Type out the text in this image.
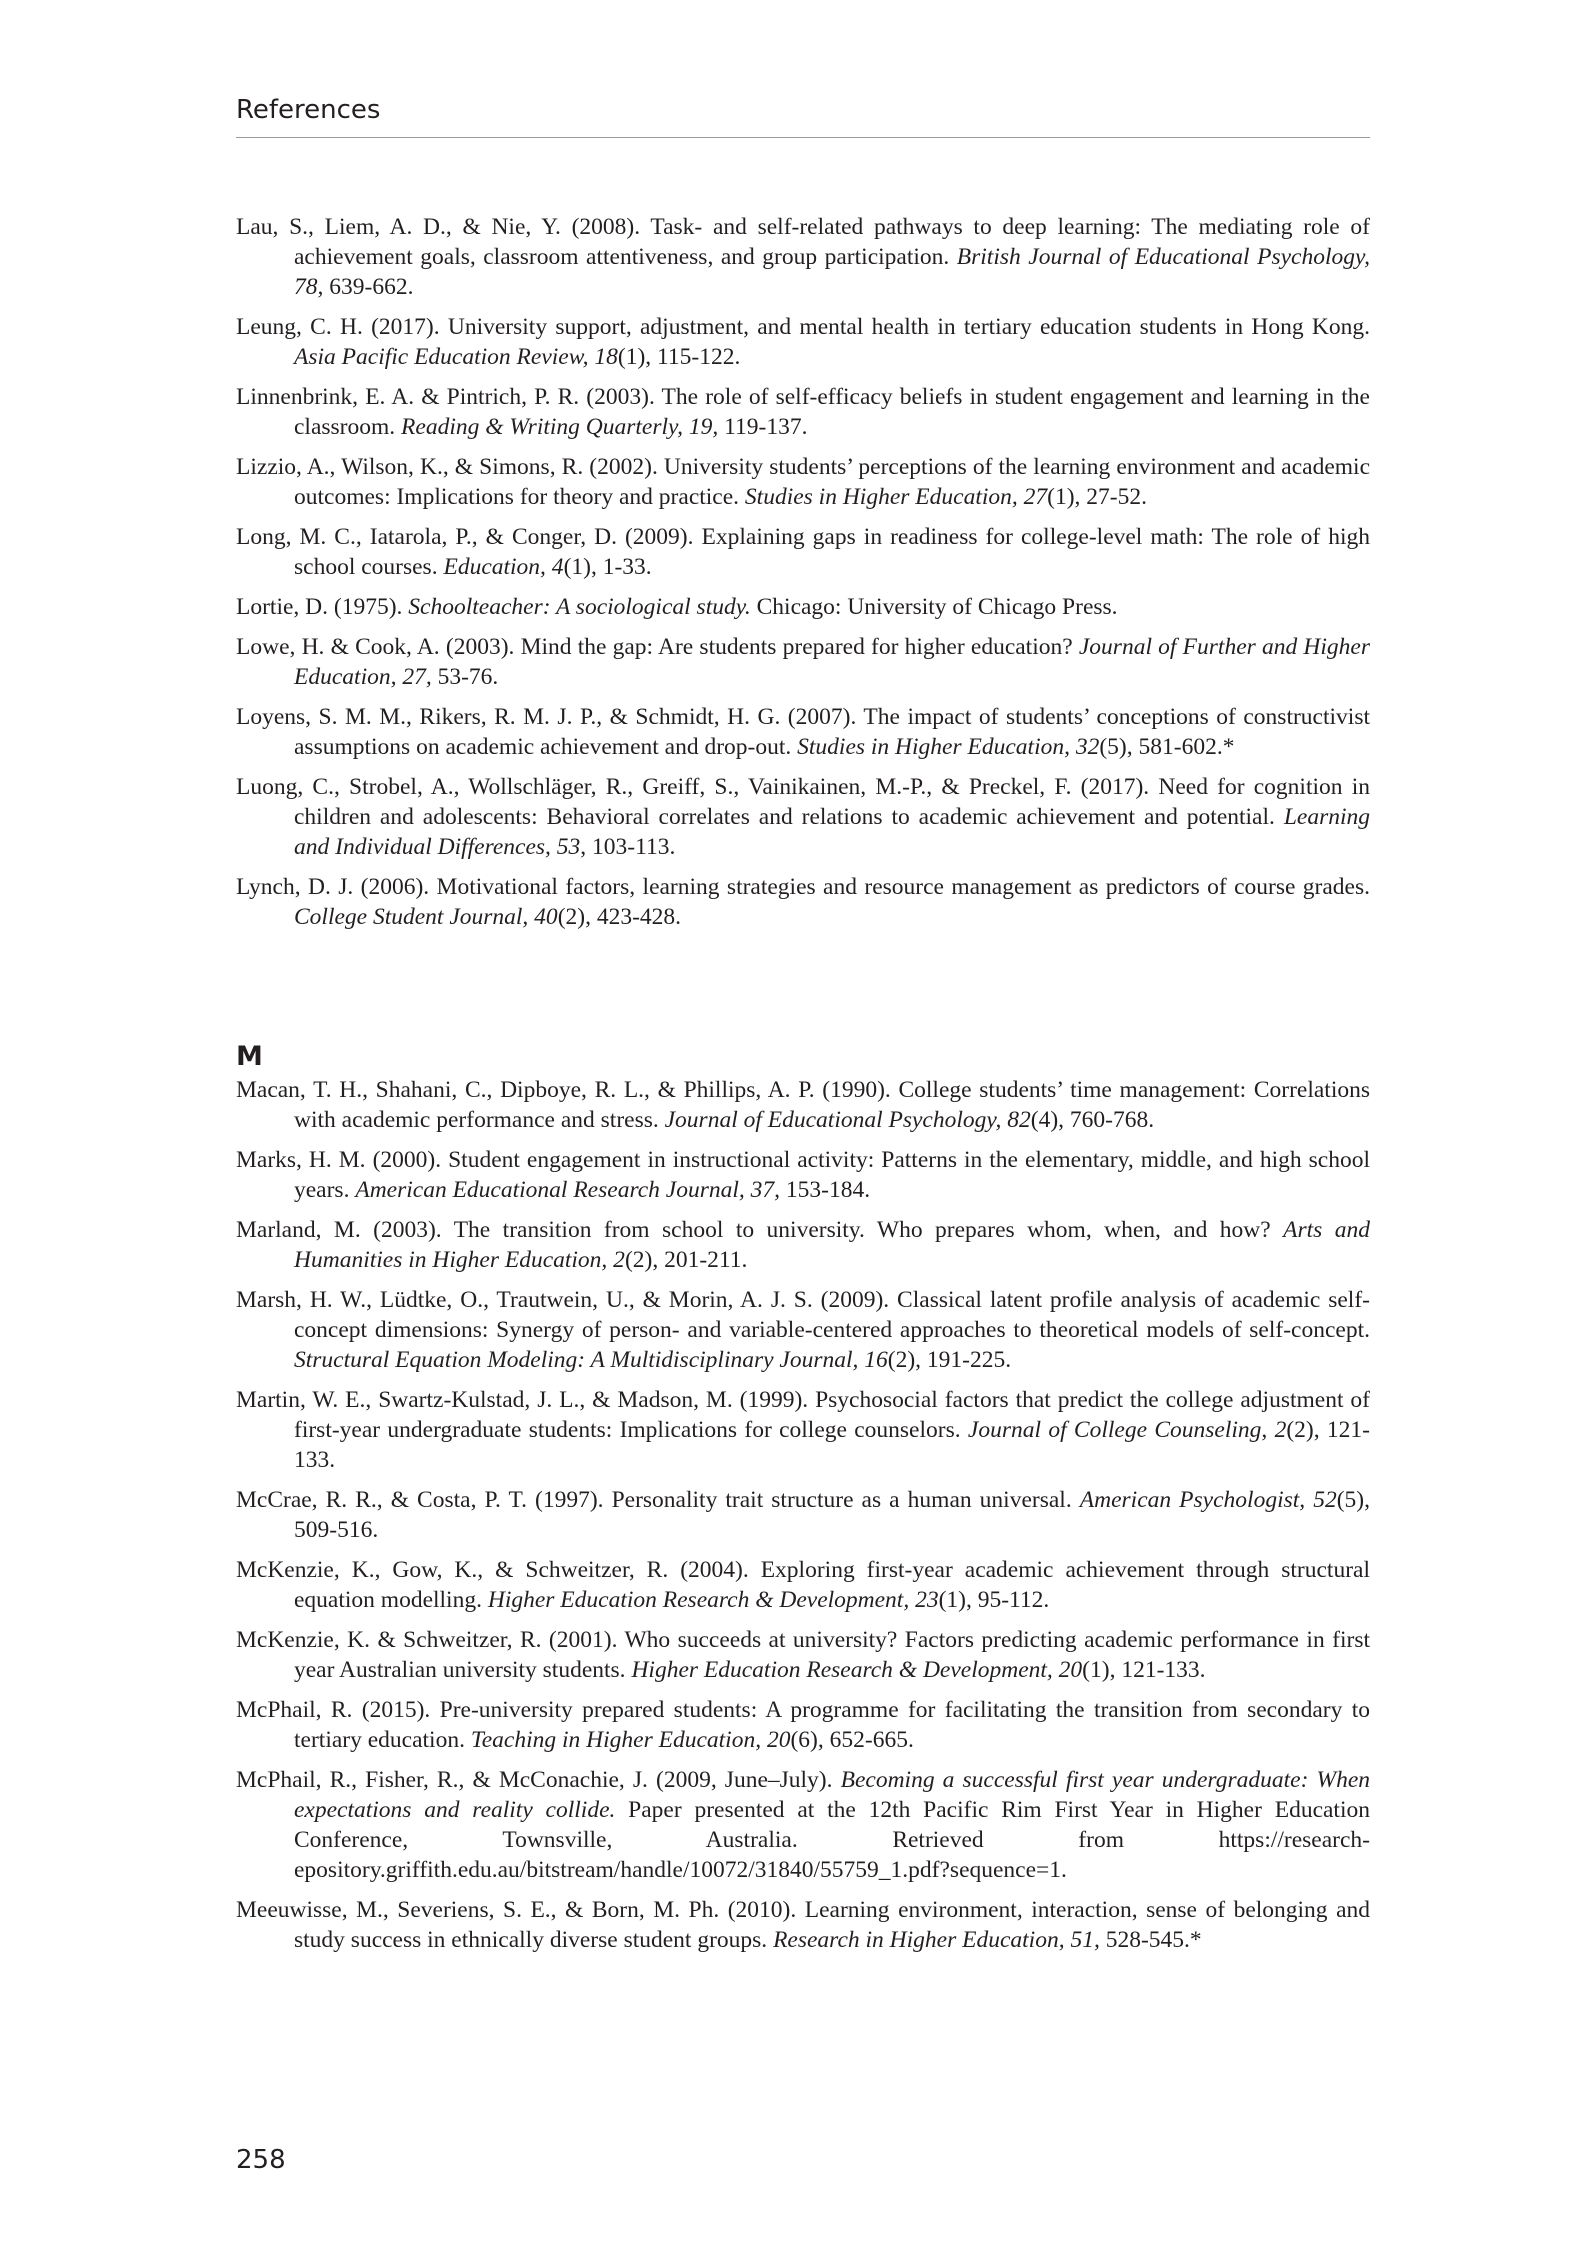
References

Lau, S., Liem, A. D., & Nie, Y. (2008). Task- and self-related pathways to deep learning: The mediating role of achievement goals, classroom attentiveness, and group participation. British Journal of Educational Psychology, 78, 639-662.

Leung, C. H. (2017). University support, adjustment, and mental health in tertiary education students in Hong Kong. Asia Pacific Education Review, 18(1), 115-122.

Linnenbrink, E. A. & Pintrich, P. R. (2003). The role of self-efficacy beliefs in student engagement and learning in the classroom. Reading & Writing Quarterly, 19, 119-137.

Lizzio, A., Wilson, K., & Simons, R. (2002). University students’ perceptions of the learning environment and academic outcomes: Implications for theory and practice. Studies in Higher Education, 27(1), 27-52.

Long, M. C., Iatarola, P., & Conger, D. (2009). Explaining gaps in readiness for college-level math: The role of high school courses. Education, 4(1), 1-33.

Lortie, D. (1975). Schoolteacher: A sociological study. Chicago: University of Chicago Press.

Lowe, H. & Cook, A. (2003). Mind the gap: Are students prepared for higher education? Journal of Further and Higher Education, 27, 53-76.

Loyens, S. M. M., Rikers, R. M. J. P., & Schmidt, H. G. (2007). The impact of students’ conceptions of constructivist assumptions on academic achievement and drop-out. Studies in Higher Education, 32(5), 581-602.*

Luong, C., Strobel, A., Wollschläger, R., Greiff, S., Vainikainen, M.-P., & Preckel, F. (2017). Need for cognition in children and adolescents: Behavioral correlates and relations to academic achievement and potential. Learning and Individual Differences, 53, 103-113.

Lynch, D. J. (2006). Motivational factors, learning strategies and resource management as predictors of course grades. College Student Journal, 40(2), 423-428.

M

Macan, T. H., Shahani, C., Dipboye, R. L., & Phillips, A. P. (1990). College students’ time management: Correlations with academic performance and stress. Journal of Educational Psychology, 82(4), 760-768.

Marks, H. M. (2000). Student engagement in instructional activity: Patterns in the elementary, middle, and high school years. American Educational Research Journal, 37, 153-184.

Marland, M. (2003). The transition from school to university. Who prepares whom, when, and how? Arts and Humanities in Higher Education, 2(2), 201-211.

Marsh, H. W., Lüdtke, O., Trautwein, U., & Morin, A. J. S. (2009). Classical latent profile analysis of academic self-concept dimensions: Synergy of person- and variable-centered approaches to theoretical models of self-concept. Structural Equation Modeling: A Multidisciplinary Journal, 16(2), 191-225.

Martin, W. E., Swartz-Kulstad, J. L., & Madson, M. (1999). Psychosocial factors that predict the college adjustment of first-year undergraduate students: Implications for college counselors. Journal of College Counseling, 2(2), 121-133.

McCrae, R. R., & Costa, P. T. (1997). Personality trait structure as a human universal. American Psychologist, 52(5), 509-516.

McKenzie, K., Gow, K., & Schweitzer, R. (2004). Exploring first-year academic achievement through structural equation modelling. Higher Education Research & Development, 23(1), 95-112.

McKenzie, K. & Schweitzer, R. (2001). Who succeeds at university? Factors predicting academic performance in first year Australian university students. Higher Education Research & Development, 20(1), 121-133.

McPhail, R. (2015). Pre-university prepared students: A programme for facilitating the transition from secondary to tertiary education. Teaching in Higher Education, 20(6), 652-665.

McPhail, R., Fisher, R., & McConachie, J. (2009, June–July). Becoming a successful first year undergraduate: When expectations and reality collide. Paper presented at the 12th Pacific Rim First Year in Higher Education Conference, Townsville, Australia. Retrieved from https://research-epository.griffith.edu.au/bitstream/handle/10072/31840/55759_1.pdf?sequence=1.

Meeuwisse, M., Severiens, S. E., & Born, M. Ph. (2010). Learning environment, interaction, sense of belonging and study success in ethnically diverse student groups. Research in Higher Education, 51, 528-545.*

258
